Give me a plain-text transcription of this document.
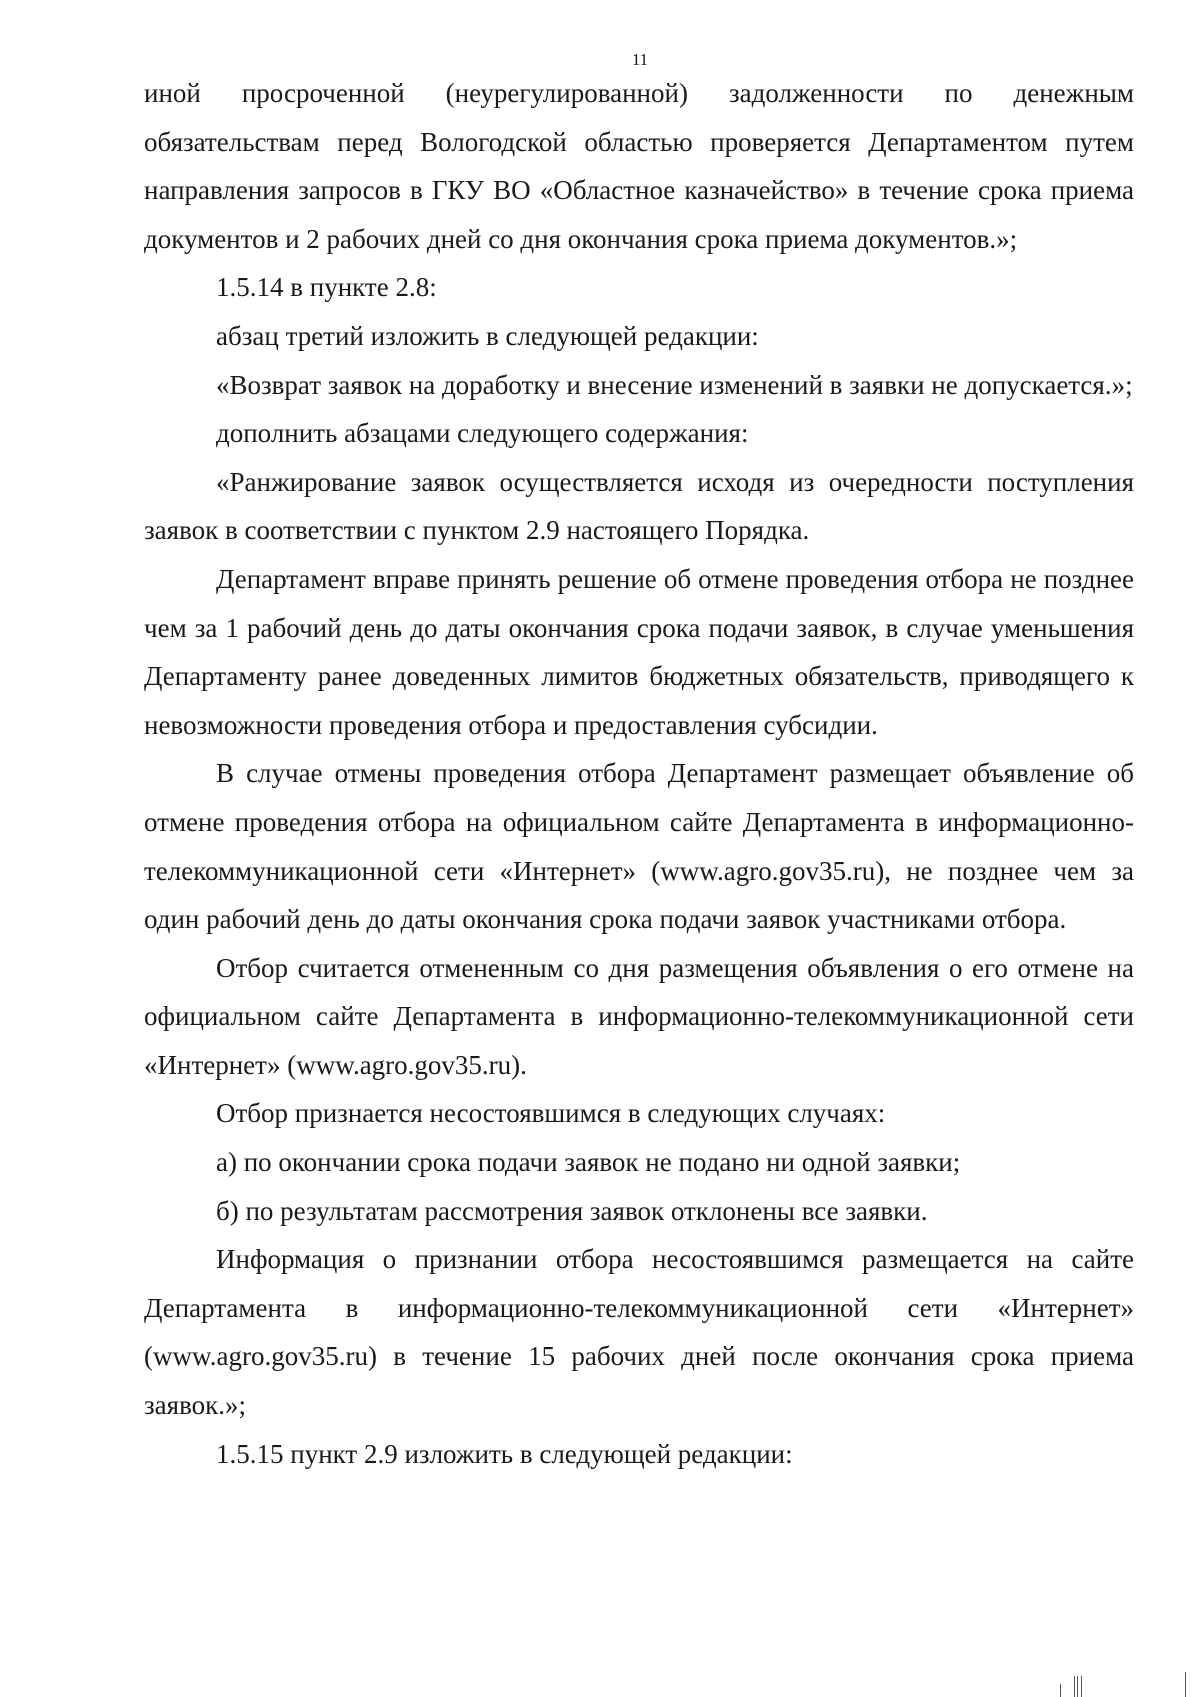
11

иной просроченной (неурегулированной) задолженности по денежным обязательствам перед Вологодской областью проверяется Департаментом путем направления запросов в ГКУ ВО «Областное казначейство» в течение срока приема документов и 2 рабочих дней со дня окончания срока приема документов.»;

1.5.14 в пункте 2.8:

абзац третий изложить в следующей редакции:

«Возврат заявок на доработку и внесение изменений в заявки не допускается.»;

дополнить абзацами следующего содержания:

«Ранжирование заявок осуществляется исходя из очередности поступления заявок в соответствии с пунктом 2.9 настоящего Порядка.

Департамент вправе принять решение об отмене проведения отбора не позднее чем за 1 рабочий день до даты окончания срока подачи заявок, в случае уменьшения Департаменту ранее доведенных лимитов бюджетных обязательств, приводящего к невозможности проведения отбора и предоставления субсидии.

В случае отмены проведения отбора Департамент размещает объявление об отмене проведения отбора на официальном сайте Департамента в информационно-телекоммуникационной сети «Интернет» (www.agro.gov35.ru), не позднее чем за один рабочий день до даты окончания срока подачи заявок участниками отбора.

Отбор считается отмененным со дня размещения объявления о его отмене на официальном сайте Департамента в информационно-телекоммуникационной сети «Интернет» (www.agro.gov35.ru).

Отбор признается несостоявшимся в следующих случаях:

а) по окончании срока подачи заявок не подано ни одной заявки;

б) по результатам рассмотрения заявок отклонены все заявки.

Информация о признании отбора несостоявшимся размещается на сайте Департамента в информационно-телекоммуникационной сети «Интернет» (www.agro.gov35.ru) в течение 15 рабочих дней после окончания срока приема заявок.»;

1.5.15 пункт 2.9 изложить в следующей редакции:
